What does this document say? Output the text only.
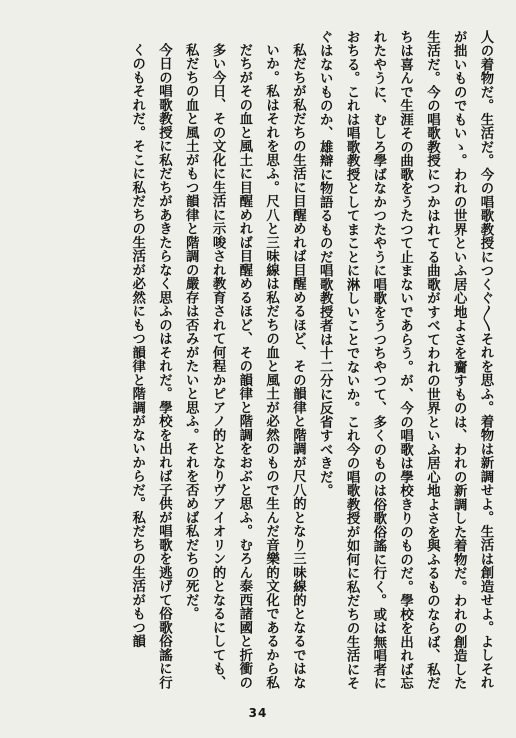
人の着物だ。生活だ。今の唱歌教授につくぐ〱それを思ふ。着物は新調せよ。生活は創造せよ。よしそれが拙いものでもいゝ。われの世界といふ居心地よさを齎すものは、われの新調した着物だ。われの創造した生活だ。今の唱歌教授につかはれてる曲歌がすべてわれの世界といふ居心地よさを與ふるものならば、私だちは喜んで生涯その曲歌をうたつて止まないであらう。が、今の唱歌は學校きりのものだ。學校を出れば忘れたやうに、むしろ學ばなかつたやうに唱歌をうつちやつて、多くのものは俗歌俗謠に行く。或は無唱者におちる。これは唱歌教授としてまことに淋しいことでないか。これ今の唱歌教授が如何に私だちの生活にそぐはないものか、雄辯に物語るものだ唱歌教授者は十二分に反省すべきだ。

私だちが私だちの生活に目醒めれば目醒めるほど、その韻律と階調が尺八的となり三味線的となるではないか。私はそれを思ふ。尺八と三味線は私だちの血と風土が必然のもので生んだ音樂的文化であるから私だちがその血と風土に目醒めれば目醒めるほど、その韻律と階調をおぶと思ふ。むろん泰西諸國と折衝の多い今日、その文化に生活に示唆され教育されて何程かピアノ的となりヴアイオリン的となるにしても、私だちの血と風土がもつ韻律と階調の嚴存は否みがたいと思ふ。それを否めば私だちの死だ。

今日の唱歌教授に私だちがあきたらなく思ふのはそれだ。學校を出れば子供が唱歌を逃げて俗歌俗謠に行くのもそれだ。そこに私だちの生活が必然にもつ韻律と階調がないからだ。私だちの生活がもつ韻

34
